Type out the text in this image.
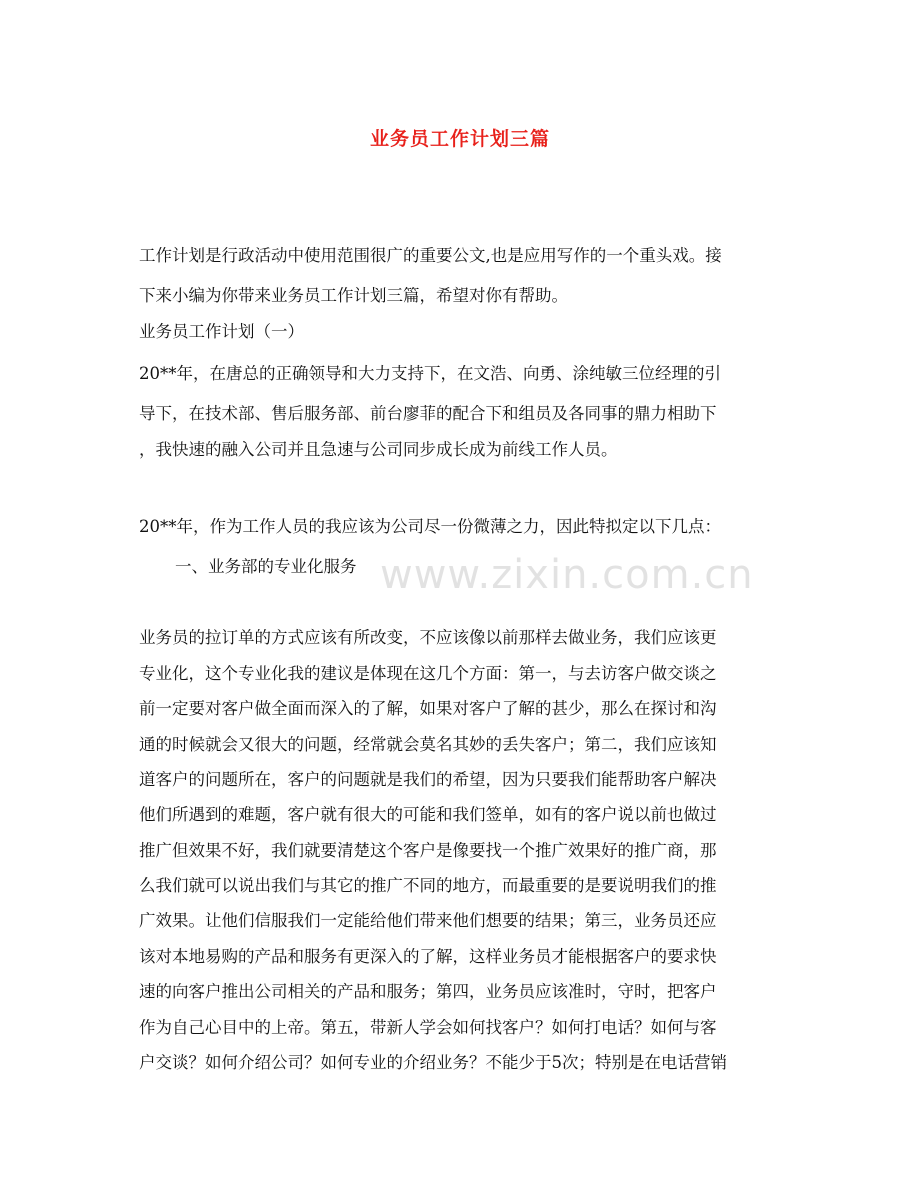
业务员工作计划三篇
www.zixin.com.cn
工作计划是行政活动中使用范围很广的重要公文,也是应用写作的一个重头戏。接
下来小编为你带来业务员工作计划三篇，希望对你有帮助。
业务员工作计划（一）
20**年，在唐总的正确领导和大力支持下，在文浩、向勇、涂纯敏三位经理的引
导下，在技术部、售后服务部、前台廖菲的配合下和组员及各同事的鼎力相助下
，我快速的融入公司并且急速与公司同步成长成为前线工作人员。
20**年，作为工作人员的我应该为公司尽一份微薄之力，因此特拟定以下几点：
一、业务部的专业化服务
业务员的拉订单的方式应该有所改变，不应该像以前那样去做业务，我们应该更
专业化，这个专业化我的建议是体现在这几个方面：第一，与去访客户做交谈之
前一定要对客户做全面而深入的了解，如果对客户了解的甚少，那么在探讨和沟
通的时候就会又很大的问题，经常就会莫名其妙的丢失客户；第二，我们应该知
道客户的问题所在，客户的问题就是我们的希望，因为只要我们能帮助客户解决
他们所遇到的难题，客户就有很大的可能和我们签单，如有的客户说以前也做过
推广但效果不好，我们就要清楚这个客户是像要找一个推广效果好的推广商，那
么我们就可以说出我们与其它的推广不同的地方，而最重要的是要说明我们的推
广效果。让他们信服我们一定能给他们带来他们想要的结果；第三，业务员还应
该对本地易购的产品和服务有更深入的了解，这样业务员才能根据客户的要求快
速的向客户推出公司相关的产品和服务；第四，业务员应该准时，守时，把客户
作为自己心目中的上帝。第五，带新人学会如何找客户？如何打电话？如何与客
户交谈？如何介绍公司？如何专业的介绍业务？不能少于5次；特别是在电话营销
